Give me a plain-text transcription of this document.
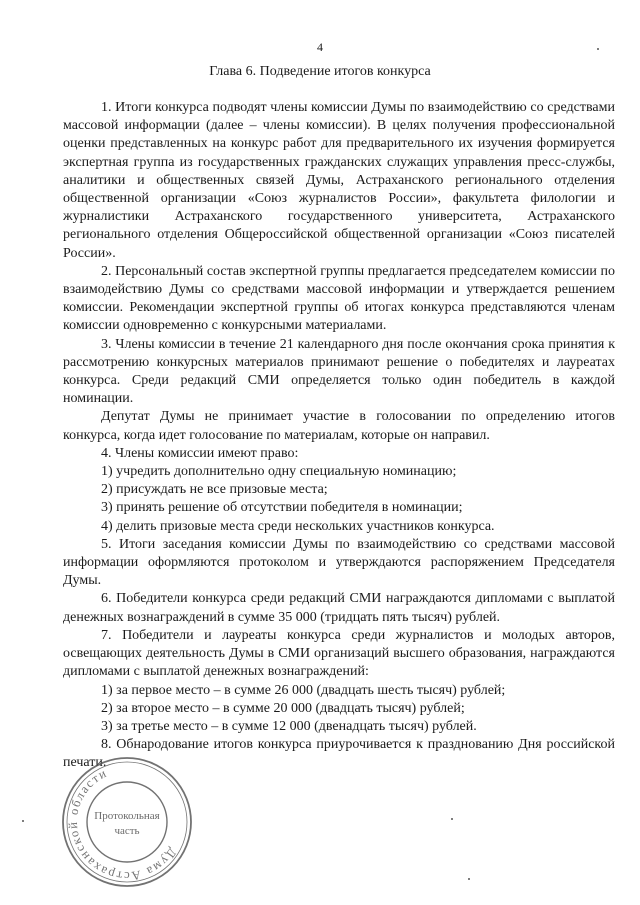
4
Глава 6. Подведение итогов конкурса

1. Итоги конкурса подводят члены комиссии Думы по взаимодействию со средствами массовой информации (далее – члены комиссии). В целях получения профессиональной оценки представленных на конкурс работ для предварительного их изучения формируется экспертная группа из государственных гражданских служащих управления пресс-службы, аналитики и общественных связей Думы, Астраханского регионального отделения общественной организации «Союз журналистов России», факультета филологии и журналистики Астраханского государственного университета, Астраханского регионального отделения Общероссийской общественной организации «Союз писателей России».

2. Персональный состав экспертной группы предлагается председателем комиссии по взаимодействию Думы со средствами массовой информации и утверждается решением комиссии. Рекомендации экспертной группы об итогах конкурса представляются членам комиссии одновременно с конкурсными материалами.

3. Члены комиссии в течение 21 календарного дня после окончания срока принятия к рассмотрению конкурсных материалов принимают решение о победителях и лауреатах конкурса. Среди редакций СМИ определяется только один победитель в каждой номинации.

Депутат Думы не принимает участие в голосовании по определению итогов конкурса, когда идет голосование по материалам, которые он направил.

4. Члены комиссии имеют право:

1) учредить дополнительно одну специальную номинацию;

2) присуждать не все призовые места;

3) принять решение об отсутствии победителя в номинации;

4) делить призовые места среди нескольких участников конкурса.

5. Итоги заседания комиссии Думы по взаимодействию со средствами массовой информации оформляются протоколом и утверждаются распоряжением Председателя Думы.

6. Победители конкурса среди редакций СМИ награждаются дипломами с выплатой денежных вознаграждений в сумме 35 000 (тридцать пять тысяч) рублей.

7. Победители и лауреаты конкурса среди журналистов и молодых авторов, освещающих деятельность Думы в СМИ организаций высшего образования, награждаются дипломами с выплатой денежных вознаграждений:

1) за первое место – в сумме 26 000 (двадцать шесть тысяч) рублей;

2) за второе место – в сумме 20 000 (двадцать тысяч) рублей;

3) за третье место – в сумме 12 000 (двенадцать тысяч) рублей.

8. Обнародование итогов конкурса приурочивается к празднованию Дня российской печати.

Дума Астраханской области
Протокольная
часть
